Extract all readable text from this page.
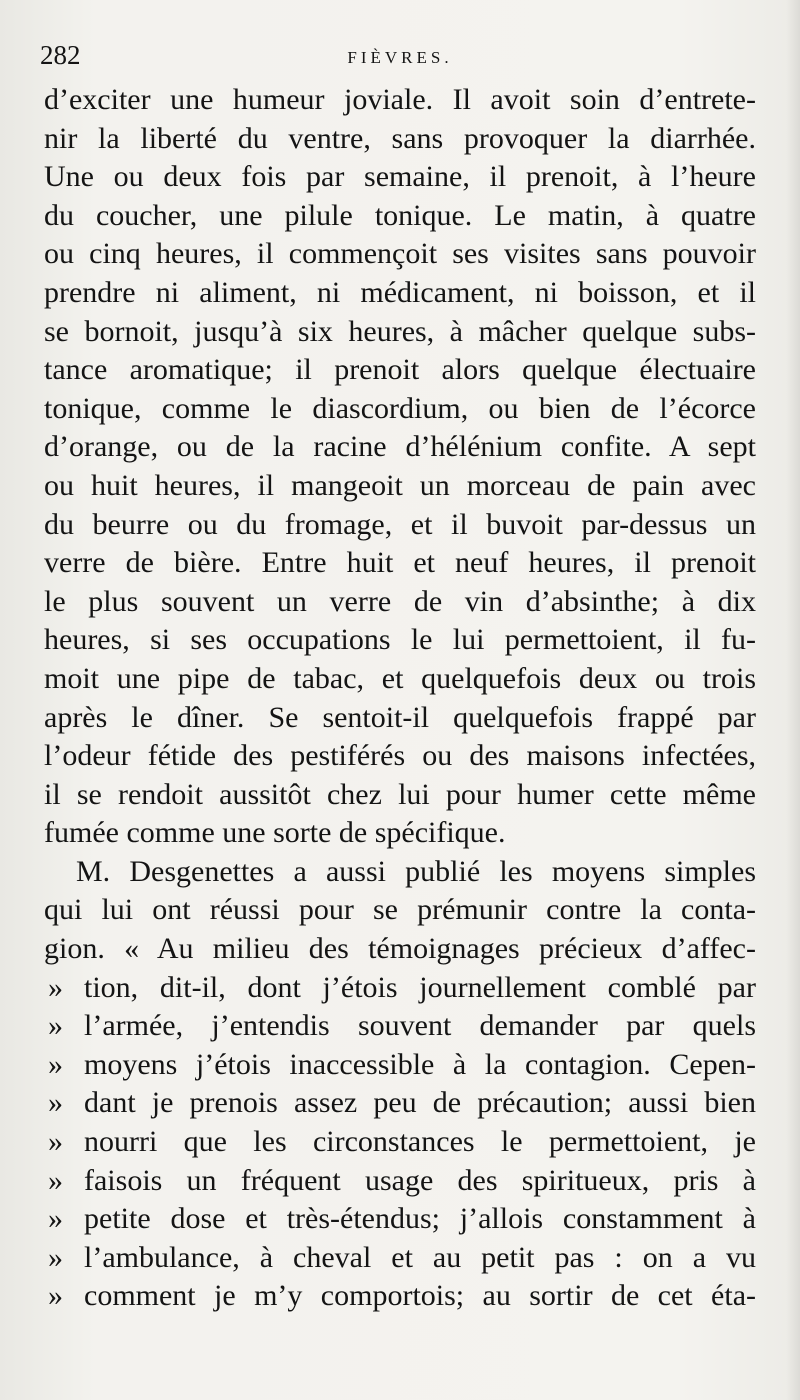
282	FIÈVRES.
d’exciter une humeur joviale. Il avoit soin d’entrete-
nir la liberté du ventre, sans provoquer la diarrhée.
Une ou deux fois par semaine, il prenoit, à l’heure
du coucher, une pilule tonique. Le matin, à quatre
ou cinq heures, il commençoit ses visites sans pouvoir
prendre ni aliment, ni médicament, ni boisson, et il
se bornoit, jusqu’à six heures, à mâcher quelque subs-
tance aromatique; il prenoit alors quelque électuaire
tonique, comme le diascordium, ou bien de l’écorce
d’orange, ou de la racine d’hélénium confite. A sept
ou huit heures, il mangeoit un morceau de pain avec
du beurre ou du fromage, et il buvoit par-dessus un
verre de bière. Entre huit et neuf heures, il prenoit
le plus souvent un verre de vin d’absinthe; à dix
heures, si ses occupations le lui permettoient, il fu-
moit une pipe de tabac, et quelquefois deux ou trois
après le dîner. Se sentoit-il quelquefois frappé par
l’odeur fétide des pestiférés ou des maisons infectées,
il se rendoit aussitôt chez lui pour humer cette même
fumée comme une sorte de spécifique.
M. Desgenettes a aussi publié les moyens simples
qui lui ont réussi pour se prémunir contre la conta-
gion. « Au milieu des témoignages précieux d’affec-
» tion, dit-il, dont j’étois journellement comblé par
» l’armée, j’entendis souvent demander par quels
» moyens j’étois inaccessible à la contagion. Cepen-
» dant je prenois assez peu de précaution; aussi bien
» nourri que les circonstances le permettoient, je
» faisois un fréquent usage des spiritueux, pris à
» petite dose et très-étendus; j’allois constamment à
» l’ambulance, à cheval et au petit pas : on a vu
» comment je m’y comportois; au sortir de cet éta-
